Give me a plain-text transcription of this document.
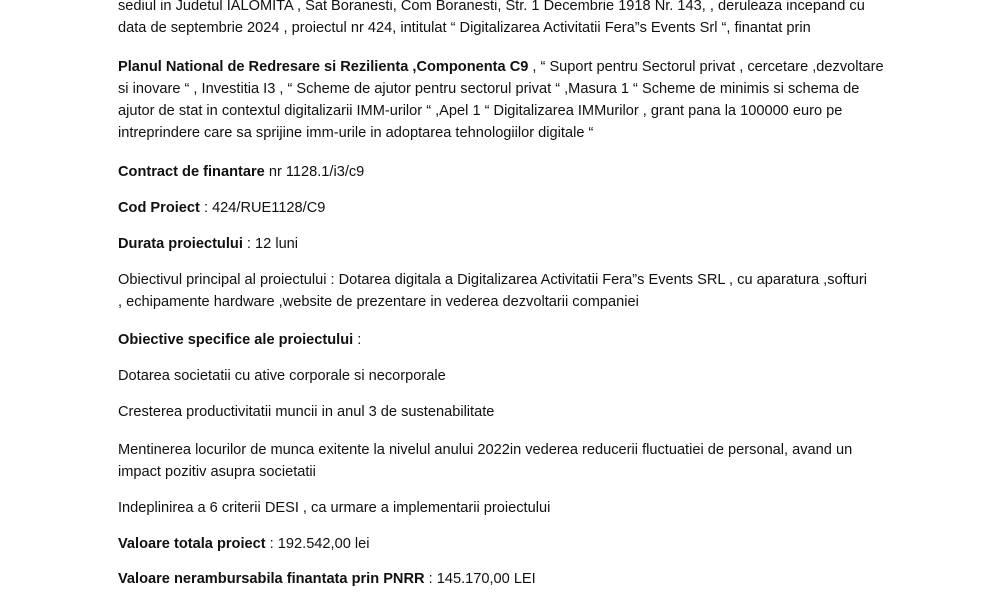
sediul in Judetul IALOMITA , Sat Boranesti, Com Boranesti, Str. 1 Decembrie 1918 Nr. 143, , deruleaza incepand cu
data de septembrie 2024 , proiectul nr 424, intitulat “ Digitalizarea Activitatii Fera”s Events Srl “, finantat prin

Planul National de Redresare si Rezilienta ,Componenta C9 , “ Suport pentru Sectorul privat , cercetare ,dezvoltare
si inovare “ , Investitia I3 , “ Scheme de ajutor pentru sectorul privat “ ,Masura 1 “ Scheme de minimis si schema de
ajutor de stat in contextul digitalizarii IMM-urilor “ ,Apel 1 “ Digitalizarea IMMurilor , grant pana la 100000 euro pe
intreprindere care sa sprijine imm-urile in adoptarea tehnologiilor digitale “

Contract de finantare nr 1128.1/i3/c9

Cod Proiect : 424/RUE1128/C9

Durata proiectului : 12 luni

Obiectivul principal al proiectului : Dotarea digitala a Digitalizarea Activitatii Fera”s Events SRL , cu aparatura ,softuri
, echipamente hardware ,website de prezentare in vederea dezvoltarii companiei

Obiective specifice ale proiectului :

Dotarea societatii cu ative corporale si necorporale

Cresterea productivitatii muncii in anul 3 de sustenabilitate

Mentinerea locurilor de munca exitente la nivelul anului 2022in vederea reducerii fluctuatiei de personal, avand un
impact pozitiv asupra societatii

Indeplinirea a 6 criterii DESI , ca urmare a implementarii proiectului

Valoare totala proiect : 192.542,00 lei

Valoare nerambursabila finantata prin PNRR : 145.170,00 LEI
